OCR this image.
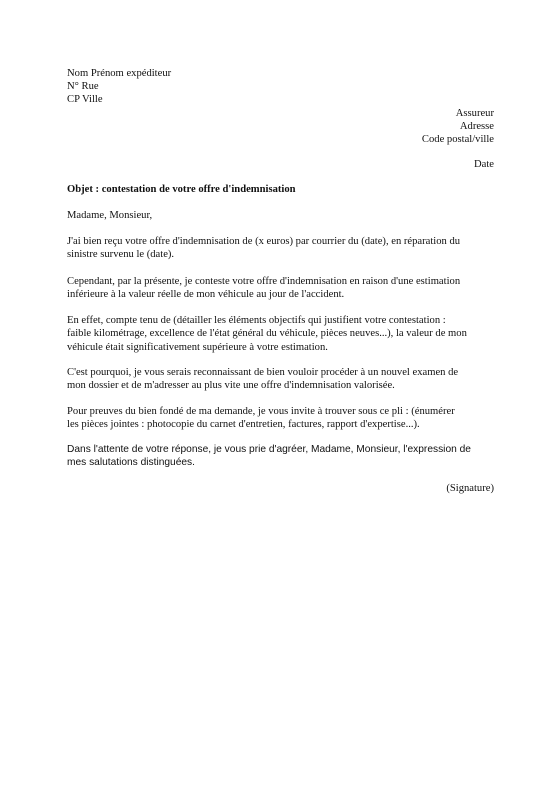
Nom Prénom expéditeur
N° Rue
CP Ville
Assureur
Adresse
Code postal/ville
Date
Objet : contestation de votre offre d'indemnisation
Madame, Monsieur,
J'ai bien reçu votre offre d'indemnisation de (x euros) par courrier du (date), en réparation du
sinistre survenu le (date).
Cependant, par la présente, je conteste votre offre d'indemnisation en raison d'une estimation
inférieure à la valeur réelle de mon véhicule au jour de l'accident.
En effet, compte tenu de (détailler les éléments objectifs qui justifient votre contestation :
faible kilométrage, excellence de l'état général du véhicule, pièces neuves...), la valeur de mon
véhicule était significativement supérieure à votre estimation.
C'est pourquoi, je vous serais reconnaissant de bien vouloir procéder à un nouvel examen de
mon dossier et de m'adresser au plus vite une offre d'indemnisation valorisée.
Pour preuves du bien fondé de ma demande, je vous invite à trouver sous ce pli : (énumérer
les pièces jointes : photocopie du carnet d'entretien, factures, rapport d'expertise...).
Dans l'attente de votre réponse, je vous prie d'agréer, Madame, Monsieur, l'expression de
mes salutations distinguées.
(Signature)
